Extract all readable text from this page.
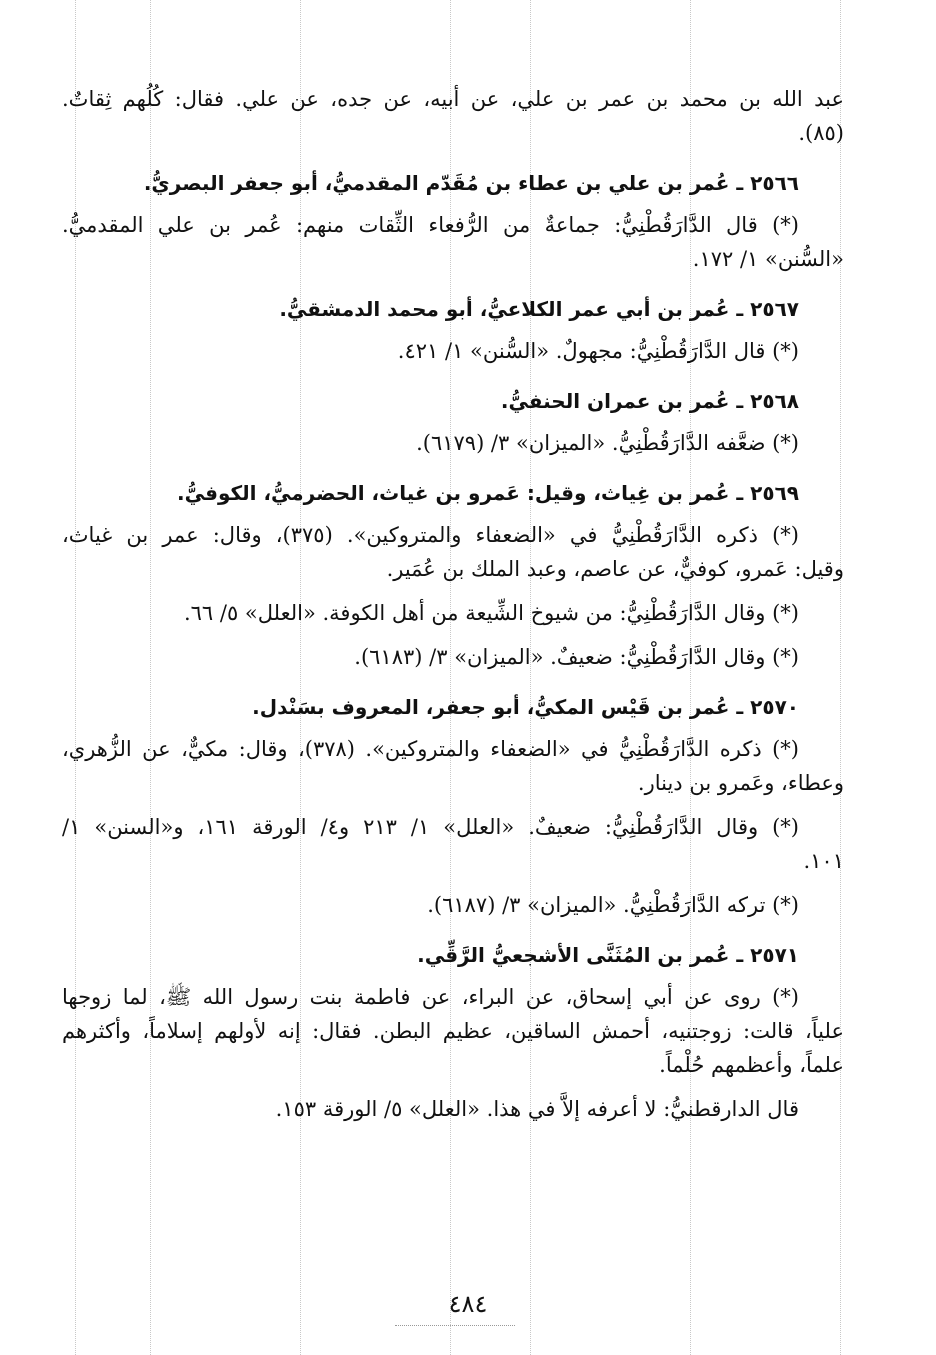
عبد الله بن محمد بن عمر بن علي، عن أبيه، عن جده، عن علي. فقال: كُلُهم ثِقاتٌ.
(٨٥).
٢٥٦٦ ـ عُمر بن علي بن عطاء بن مُقَدّم المقدميُّ، أبو جعفر البصريُّ.
(*) قال الدَّارَقُطْنِيُّ: جماعةٌ من الرُّفعاء الثِّقات منهم: عُمر بن علي المقدميُّ.
«السُّنن» ١/ ١٧٢.
٢٥٦٧ ـ عُمر بن أبي عمر الكلاعيُّ، أبو محمد الدمشقيُّ.
(*) قال الدَّارَقُطْنِيُّ: مجهولٌ. «السُّنن» ١/ ٤٢١.
٢٥٦٨ ـ عُمر بن عمران الحنفيُّ.
(*) ضعَّفه الدَّارَقُطْنِيُّ. «الميزان» ٣/ (٦١٧٩).
٢٥٦٩ ـ عُمر بن غِياث، وقيل: عَمرو بن غياث، الحضرميُّ، الكوفيُّ.
(*) ذكره الدَّارَقُطْنِيُّ في «الضعفاء والمتروكين». (٣٧٥)، وقال: عمر بن غياث،
وقيل: عَمرو، كوفيٌّ، عن عاصم، وعبد الملك بن عُمَير.
(*) وقال الدَّارَقُطْنِيُّ: من شيوخ الشِّيعة من أهل الكوفة. «العلل» ٥/ ٦٦.
(*) وقال الدَّارَقُطْنِيُّ: ضعيفٌ. «الميزان» ٣/ (٦١٨٣).
٢٥٧٠ ـ عُمر بن قَيْس المكيُّ، أبو جعفر، المعروف بسَنْدل.
(*) ذكره الدَّارَقُطْنِيُّ في «الضعفاء والمتروكين». (٣٧٨)، وقال: مكيٌّ، عن الزُّهري،
وعطاء، وعَمرو بن دينار.
(*) وقال الدَّارَقُطْنِيُّ: ضعيفٌ. «العلل» ١/ ٢١٣ و٤/ الورقة ١٦١، و«السنن» ١/
١٠١.
(*) تركه الدَّارَقُطْنِيُّ. «الميزان» ٣/ (٦١٨٧).
٢٥٧١ ـ عُمر بن المُثَنَّى الأشجعيُّ الرَّقِّي.
(*) روى عن أبي إسحاق، عن البراء، عن فاطمة بنت رسول الله ﷺ، لما زوجها
علياً، قالت: زوجتنيه، أحمش الساقين، عظيم البطن. فقال: إنه لأولهم إسلاماً، وأكثرهم
علماً، وأعظمهم حُلْماً.
قال الدارقطنيُّ: لا أعرفه إلاَّ في هذا. «العلل» ٥/ الورقة ١٥٣.
٤٨٤
